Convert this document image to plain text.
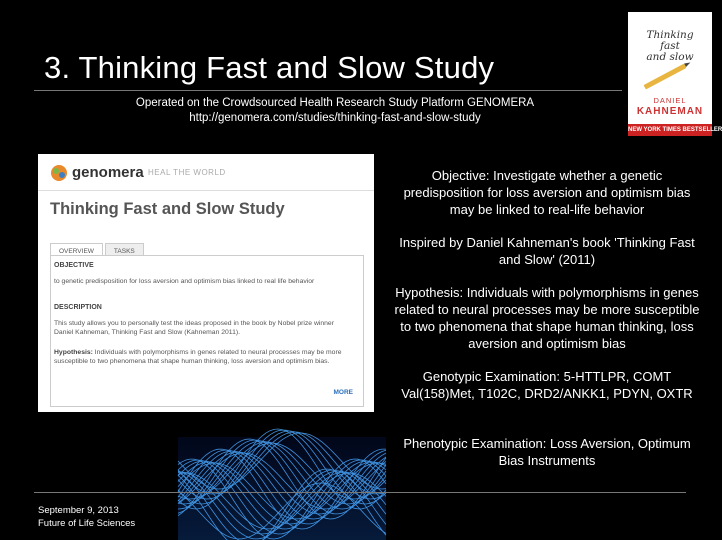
3. Thinking Fast and Slow Study
Operated on the Crowdsourced Health Research Study Platform GENOMERA
http://genomera.com/studies/thinking-fast-and-slow-study
Thinking
fast
and slow
DANIEL
KAHNEMAN
NEW YORK TIMES BESTSELLER
genomera HEAL THE WORLD
Thinking Fast and Slow Study
OVERVIEW	TASKS
OBJECTIVE
to genetic predisposition for loss aversion and optimism bias linked to real life behavior
DESCRIPTION
This study allows you to personally test the ideas proposed in the book by Nobel prize winner Daniel Kahneman, Thinking Fast and Slow (Kahneman 2011).
Hypothesis: Individuals with polymorphisms in genes related to neural processes may be more susceptible to two phenomena that shape human thinking, loss aversion and optimism bias.
MORE
Objective: Investigate whether a genetic predisposition for loss aversion and optimism bias may be linked to real-life behavior
Inspired by Daniel Kahneman's book 'Thinking Fast and Slow' (2011)
Hypothesis: Individuals with polymorphisms in genes related to neural processes may be more susceptible to two phenomena that shape human thinking, loss aversion and optimism bias
Genotypic Examination: 5-HTTLPR, COMT Val(158)Met, T102C, DRD2/ANKK1, PDYN, OXTR
Phenotypic Examination: Loss Aversion, Optimum Bias Instruments
September 9, 2013
Future of Life Sciences
